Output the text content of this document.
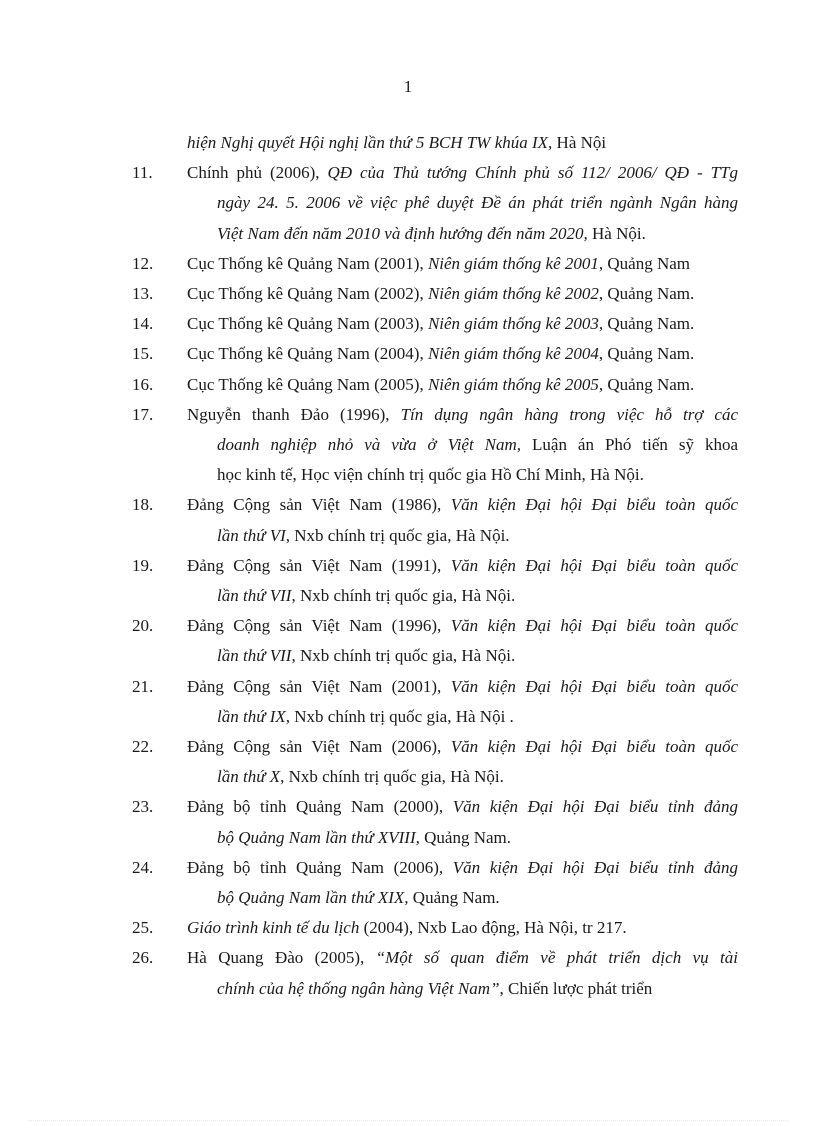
1
hiện Nghị quyết Hội nghị lần thứ 5 BCH TW khúa IX, Hà Nội
11. Chính phủ (2006), QĐ của Thủ tướng Chính phủ số 112/ 2006/ QĐ - TTg
ngày 24. 5. 2006 về việc phê duyệt Đề án phát triển ngành Ngân hàng
Việt Nam đến năm 2010 và định hướng đến năm 2020, Hà Nội.
12. Cục Thống kê Quảng Nam (2001), Niên giám thống kê 2001, Quảng Nam
13. Cục Thống kê Quảng Nam (2002), Niên giám thống kê 2002, Quảng Nam.
14. Cục Thống kê Quảng Nam (2003), Niên giám thống kê 2003, Quảng Nam.
15. Cục Thống kê Quảng Nam (2004), Niên giám thống kê 2004, Quảng Nam.
16. Cục Thống kê Quảng Nam (2005), Niên giám thống kê 2005, Quảng Nam.
17. Nguyễn thanh Đảo (1996), Tín dụng ngân hàng trong việc hỗ trợ các
doanh nghiệp nhỏ và vừa ở Việt Nam, Luận án Phó tiến sỹ khoa
học kinh tế, Học viện chính trị quốc gia Hồ Chí Minh, Hà Nội.
18. Đảng Cộng sản Việt Nam (1986), Văn kiện Đại hội Đại biểu toàn quốc
lần thứ VI, Nxb chính trị quốc gia, Hà Nội.
19. Đảng Cộng sản Việt Nam (1991), Văn kiện Đại hội Đại biểu toàn quốc
lần thứ VII, Nxb chính trị quốc gia, Hà Nội.
20. Đảng Cộng sản Việt Nam (1996), Văn kiện Đại hội Đại biểu toàn quốc
lần thứ VII, Nxb chính trị quốc gia, Hà Nội.
21. Đảng Cộng sản Việt Nam (2001), Văn kiện Đại hội Đại biểu toàn quốc
lần thứ IX, Nxb chính trị quốc gia, Hà Nội .
22. Đảng Cộng sản Việt Nam (2006), Văn kiện Đại hội Đại biểu toàn quốc
lần thứ X, Nxb chính trị quốc gia, Hà Nội.
23. Đảng bộ tỉnh Quảng Nam (2000), Văn kiện Đại hội Đại biểu tỉnh đảng
bộ Quảng Nam lần thứ XVIII, Quảng Nam.
24. Đảng bộ tỉnh Quảng Nam (2006), Văn kiện Đại hội Đại biểu tỉnh đảng
bộ Quảng Nam lần thứ XIX, Quảng Nam.
25. Giáo trình kinh tế du lịch (2004), Nxb Lao động, Hà Nội, tr 217.
26. Hà Quang Đào (2005), “Một số quan điểm về phát triển dịch vụ tài
chính của hệ thống ngân hàng Việt Nam”, Chiến lược phát triển
